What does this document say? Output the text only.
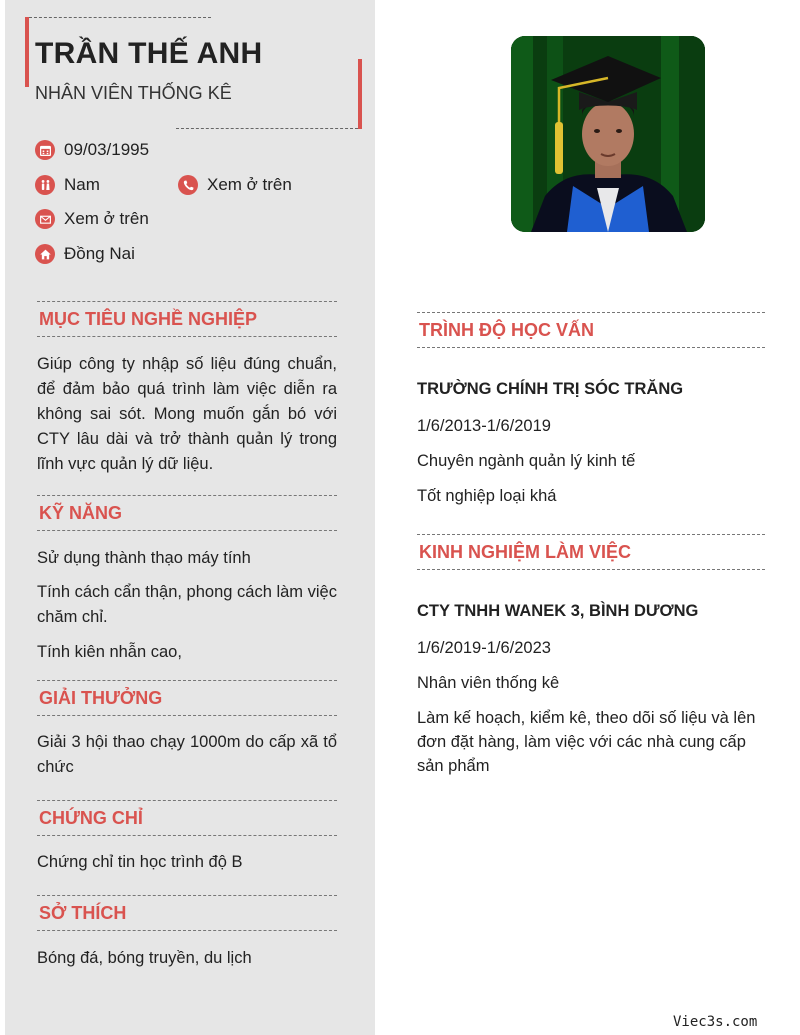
TRẦN THẾ ANH
NHÂN VIÊN THỐNG KÊ
09/03/1995
Nam	Xem ở trên
Xem ở trên
Đồng Nai
MỤC TIÊU NGHỀ NGHIỆP
Giúp công ty nhập số liệu đúng chuẩn, để đảm bảo quá trình làm việc diễn ra không sai sót. Mong muốn gắn bó với CTY lâu dài và trở thành quản lý trong lĩnh vực quản lý dữ liệu.
KỸ NĂNG
Sử dụng thành thạo máy tính
Tính cách cẩn thận, phong cách làm việc chăm chỉ.
Tính kiên nhẫn cao,
GIẢI THƯỞNG
Giải 3 hội thao chạy 1000m do cấp xã tổ chức
CHỨNG CHỈ
Chứng chỉ tin học trình độ B
SỞ THÍCH
Bóng đá, bóng truyền, du lịch
TRÌNH ĐỘ HỌC VẤN
TRƯỜNG CHÍNH TRỊ SÓC TRĂNG
1/6/2013-1/6/2019
Chuyên ngành quản lý kinh tế
Tốt nghiệp loại khá
KINH NGHIỆM LÀM VIỆC
CTY TNHH WANEK 3, BÌNH DƯƠNG
1/6/2019-1/6/2023
Nhân viên thống kê
Làm kế hoạch, kiểm kê, theo dõi số liệu và lên đơn đặt hàng, làm việc với các nhà cung cấp sản phẩm
Viec3s.com
